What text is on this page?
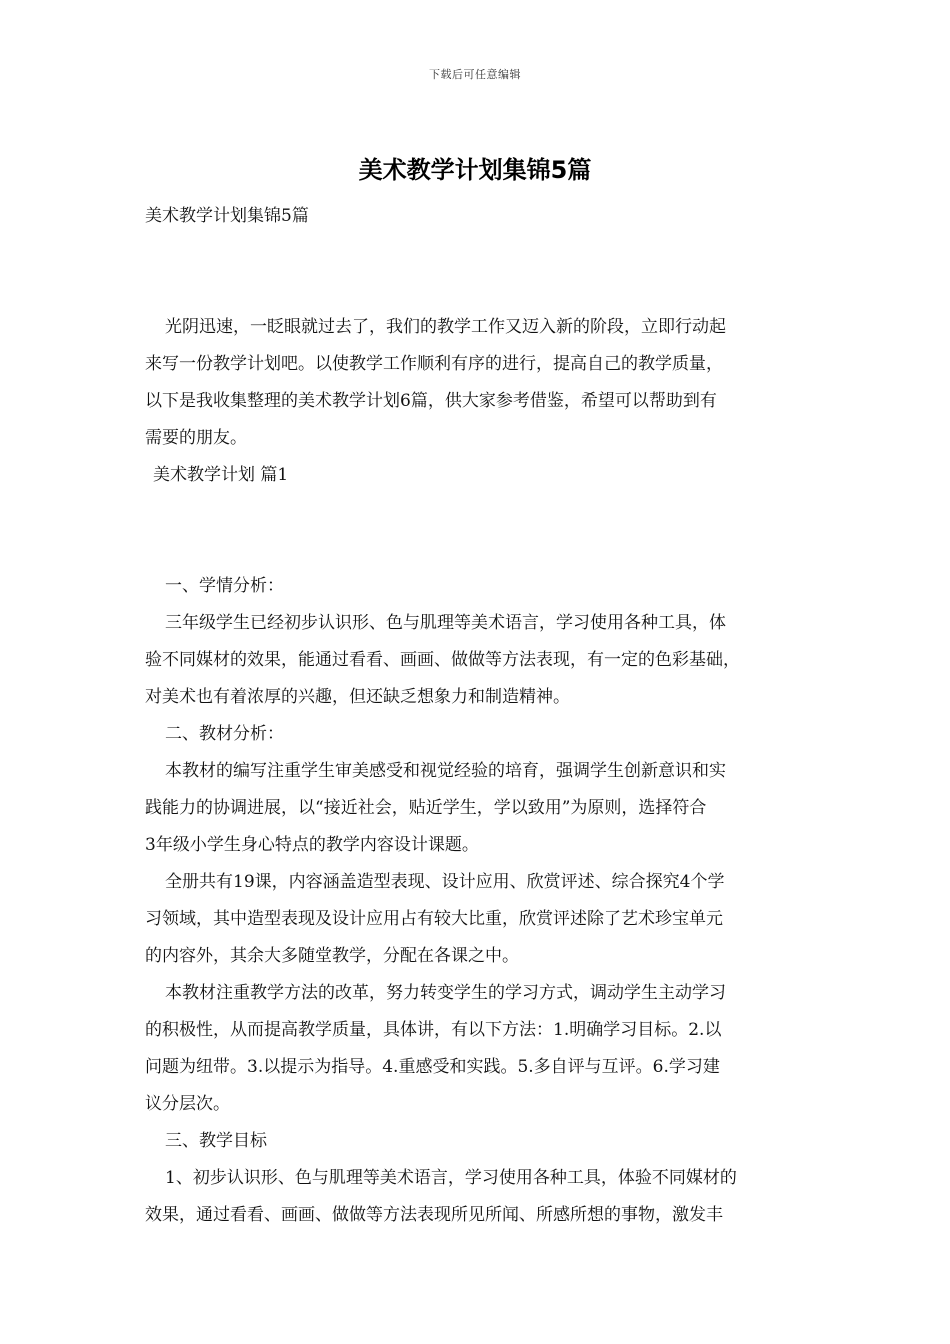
下载后可任意编辑
美术教学计划集锦5篇
美术教学计划集锦5篇
光阴迅速，一眨眼就过去了，我们的教学工作又迈入新的阶段，立即行动起
来写一份教学计划吧。以使教学工作顺利有序的进行，提高自己的教学质量，
以下是我收集整理的美术教学计划6篇，供大家参考借鉴，希望可以帮助到有
需要的朋友。
美术教学计划 篇1
一、学情分析：
三年级学生已经初步认识形、色与肌理等美术语言，学习使用各种工具，体
验不同媒材的效果，能通过看看、画画、做做等方法表现，有一定的色彩基础，
对美术也有着浓厚的兴趣，但还缺乏想象力和制造精神。
二、教材分析：
本教材的编写注重学生审美感受和视觉经验的培育，强调学生创新意识和实
践能力的协调进展，以“接近社会，贴近学生，学以致用”为原则，选择符合
3年级小学生身心特点的教学内容设计课题。
全册共有19课，内容涵盖造型表现、设计应用、欣赏评述、综合探究4个学
习领域，其中造型表现及设计应用占有较大比重，欣赏评述除了艺术珍宝单元
的内容外，其余大多随堂教学，分配在各课之中。
本教材注重教学方法的改革，努力转变学生的学习方式，调动学生主动学习
的积极性，从而提高教学质量，具体讲，有以下方法：1.明确学习目标。2.以
问题为纽带。3.以提示为指导。4.重感受和实践。5.多自评与互评。6.学习建
议分层次。
三、教学目标
1、初步认识形、色与肌理等美术语言，学习使用各种工具，体验不同媒材的
效果，通过看看、画画、做做等方法表现所见所闻、所感所想的事物，激发丰
